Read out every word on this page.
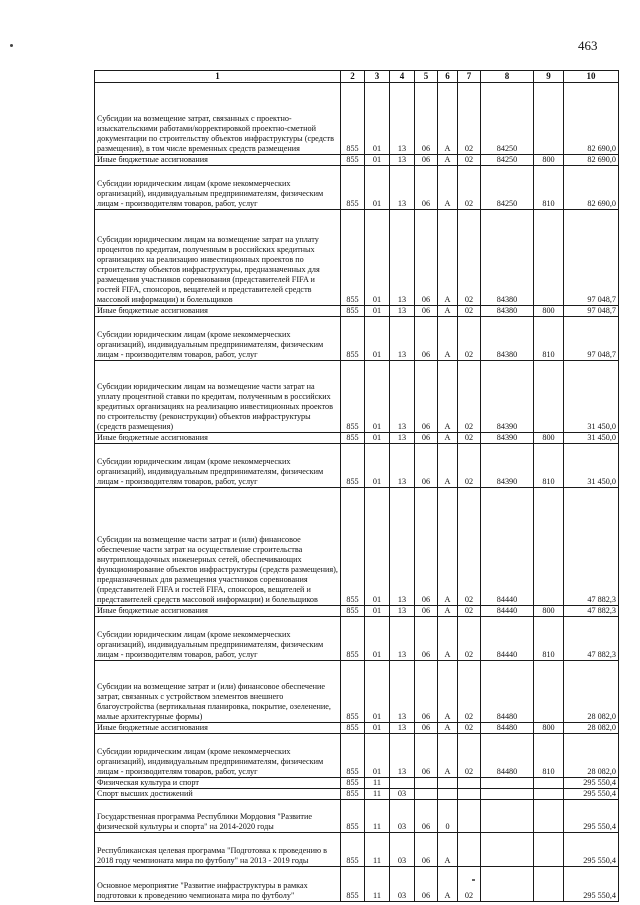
463
1	2	3	4	5	6	7	8	9	10
Субсидии на возмещение затрат, связанных с проектно-изыскательскими работами/корректировкой проектно-сметной документации по строительству объектов инфраструктуры (средств размещения), в том числе временных средств размещения	855	01	13	06	А	02	84250		82 690,0
Иные бюджетные ассигнования	855	01	13	06	А	02	84250	800	82 690,0
Субсидии юридическим лицам (кроме некоммерческих организаций), индивидуальным предпринимателям, физическим лицам - производителям товаров, работ, услуг	855	01	13	06	А	02	84250	810	82 690,0
Субсидии юридическим лицам на возмещение затрат на уплату процентов по кредитам, полученным в российских кредитных организациях на реализацию инвестиционных проектов по строительству объектов инфраструктуры, предназначенных для размещения участников соревнования (представителей FIFA и гостей FIFA, спонсоров, вещателей и представителей средств массовой информации) и болельщиков	855	01	13	06	А	02	84380		97 048,7
Иные бюджетные ассигнования	855	01	13	06	А	02	84380	800	97 048,7
Субсидии юридическим лицам (кроме некоммерческих организаций), индивидуальным предпринимателям, физическим лицам - производителям товаров, работ, услуг	855	01	13	06	А	02	84380	810	97 048,7
Субсидии юридическим лицам на возмещение части затрат на уплату процентной ставки по кредитам, полученным в российских кредитных организациях на реализацию инвестиционных проектов по строительству (реконструкции) объектов инфраструктуры (средств размещения)	855	01	13	06	А	02	84390		31 450,0
Иные бюджетные ассигнования	855	01	13	06	А	02	84390	800	31 450,0
Субсидии юридическим лицам (кроме некоммерческих организаций), индивидуальным предпринимателям, физическим лицам - производителям товаров, работ, услуг	855	01	13	06	А	02	84390	810	31 450,0
Субсидии на возмещение части затрат и (или) финансовое обеспечение части затрат на осуществление строительства внутриплощадочных инженерных сетей, обеспечивающих функционирование объектов инфраструктуры (средств размещения), предназначенных для размещения участников соревнования (представителей FIFA и гостей FIFA, спонсоров, вещателей и представителей средств массовой информации) и болельщиков	855	01	13	06	А	02	84440		47 882,3
Иные бюджетные ассигнования	855	01	13	06	А	02	84440	800	47 882,3
Субсидии юридическим лицам (кроме некоммерческих организаций), индивидуальным предпринимателям, физическим лицам - производителям товаров, работ, услуг	855	01	13	06	А	02	84440	810	47 882,3
Субсидии на возмещение затрат и (или) финансовое обеспечение затрат, связанных с устройством элементов внешнего благоустройства (вертикальная планировка, покрытие, озеленение, малые архитектурные формы)	855	01	13	06	А	02	84480		28 082,0
Иные бюджетные ассигнования	855	01	13	06	А	02	84480	800	28 082,0
Субсидии юридическим лицам (кроме некоммерческих организаций), индивидуальным предпринимателям, физическим лицам - производителям товаров, работ, услуг	855	01	13	06	А	02	84480	810	28 082,0
Физическая культура и спорт	855	11							295 550,4
Спорт высших достижений	855	11	03						295 550,4
Государственная программа Республики Мордовия "Развитие физической культуры и спорта" на 2014-2020 годы	855	11	03	06	0				295 550,4
Республиканская целевая программа "Подготовка к проведению в 2018 году чемпионата мира по футболу" на 2013 - 2019 годы	855	11	03	06	А				295 550,4
Основное мероприятие "Развитие инфраструктуры в рамках подготовки к проведению чемпионата мира по футболу"	855	11	03	06	А	02			295 550,4
